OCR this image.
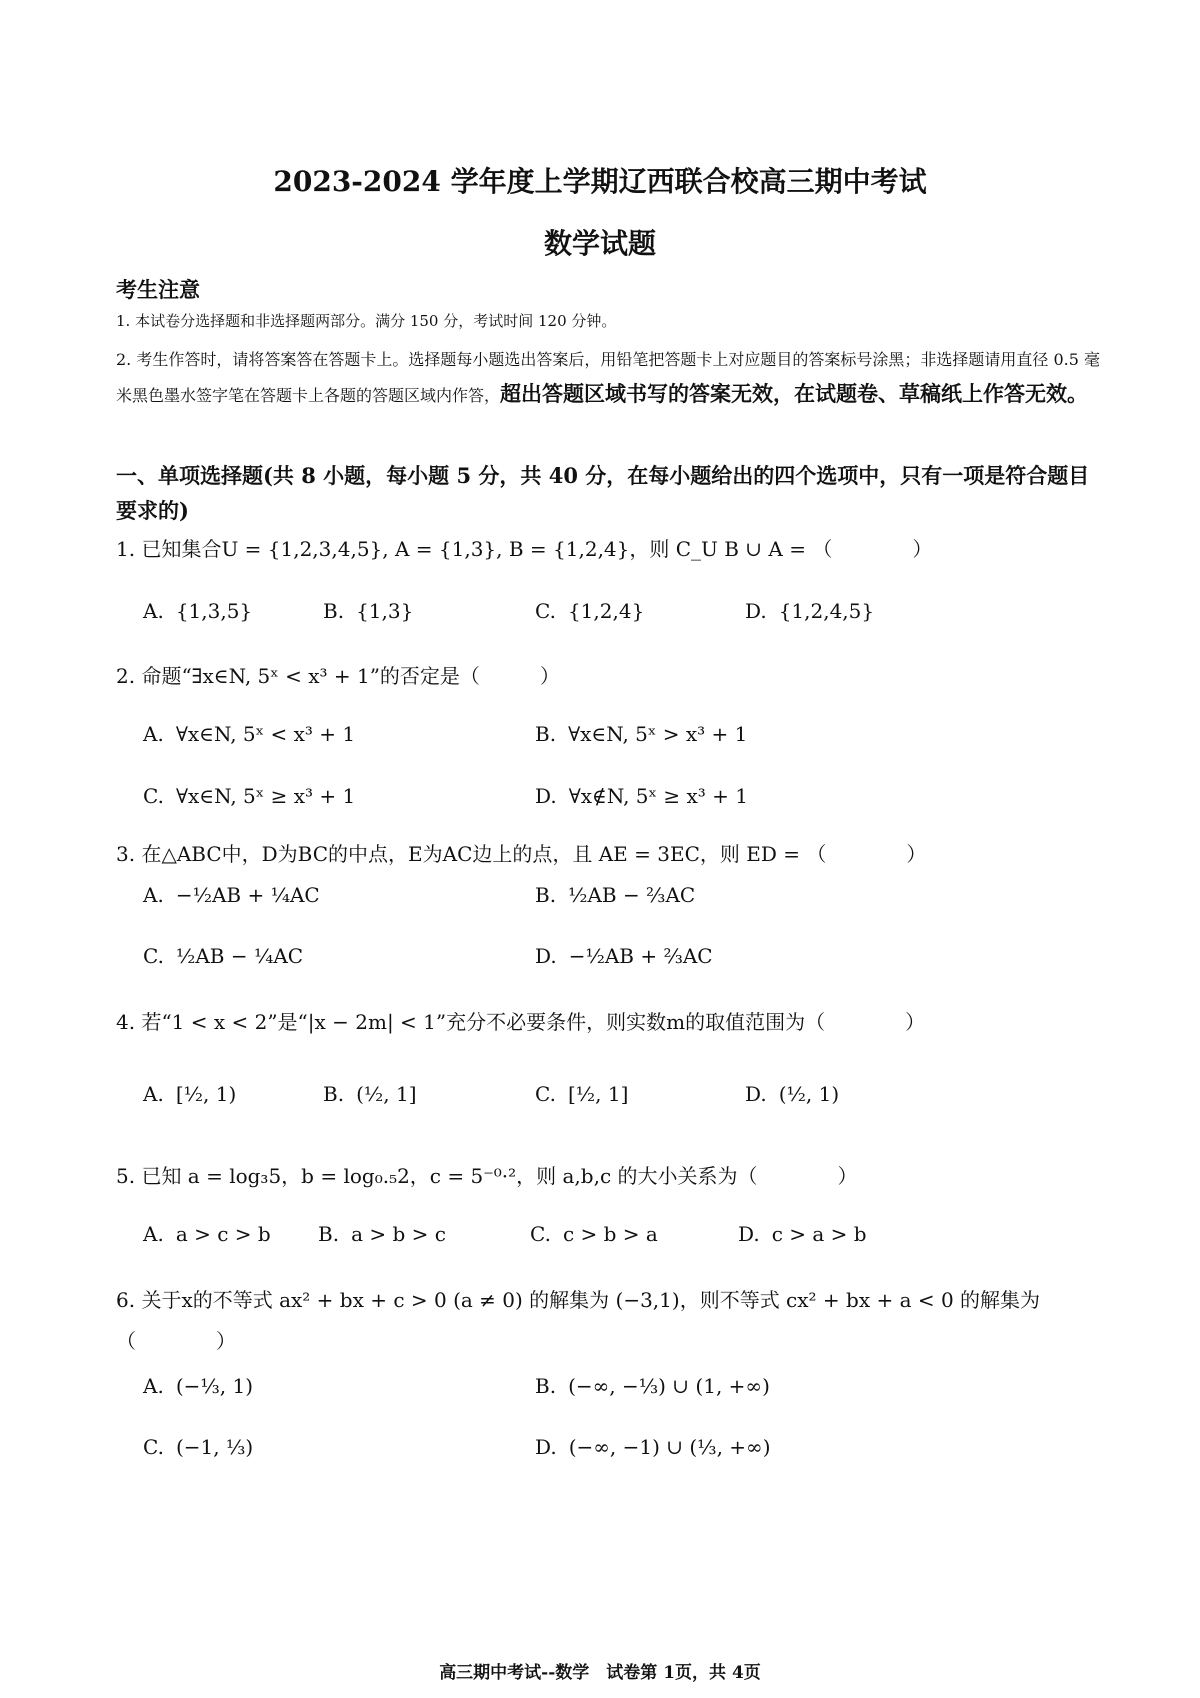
2023-2024 学年度上学期辽西联合校高三期中考试
数学试题
考生注意
1. 本试卷分选择题和非选择题两部分。满分 150 分，考试时间 120 分钟。
2. 考生作答时，请将答案答在答题卡上。选择题每小题选出答案后，用铅笔把答题卡上对应题目的答案标号涂黑；非选择题请用直径 0.5 毫米黑色墨水签字笔在答题卡上各题的答题区域内作答，超出答题区域书写的答案无效，在试题卷、草稿纸上作答无效。
一、单项选择题(共 8 小题，每小题 5 分，共 40 分，在每小题给出的四个选项中，只有一项是符合题目要求的)
1. 已知集合U = {1,2,3,4,5}, A = {1,3}, B = {1,2,4}，则 C_U B ∪ A = （　　　　）
A. {1,3,5}	B. {1,3}	C. {1,2,4}	D. {1,2,4,5}
2. 命题“∃x∈N, 5ˣ < x³ + 1”的否定是（　　　）
A. ∀x∈N, 5ˣ < x³ + 1	B. ∀x∈N, 5ˣ > x³ + 1
C. ∀x∈N, 5ˣ ≥ x³ + 1	D. ∀x∉N, 5ˣ ≥ x³ + 1
3. 在△ABC中，D为BC的中点，E为AC边上的点，且 AE = 3EC，则 ED = （　　　　）
A. −½AB + ¼AC	B. ½AB − ⅔AC
C. ½AB − ¼AC	D. −½AB + ⅔AC
4. 若“1 < x < 2”是“|x − 2m| < 1”充分不必要条件，则实数m的取值范围为（　　　　）
A. [½, 1)	B. (½, 1]	C. [½, 1]	D. (½, 1)
5. 已知 a = log₃5，b = log₀.₅2，c = 5⁻⁰·²，则 a,b,c 的大小关系为（　　　　）
A. a > c > b B. a > b > c	C. c > b > a	D. c > a > b
6. 关于x的不等式 ax² + bx + c > 0 (a ≠ 0) 的解集为 (−3,1)，则不等式 cx² + bx + a < 0 的解集为
（　　　　）
A. (−⅓, 1)	B. (−∞, −⅓) ∪ (1, +∞)
C. (−1, ⅓)	D. (−∞, −1) ∪ (⅓, +∞)
高三期中考试--数学　试卷第 1页，共 4页
